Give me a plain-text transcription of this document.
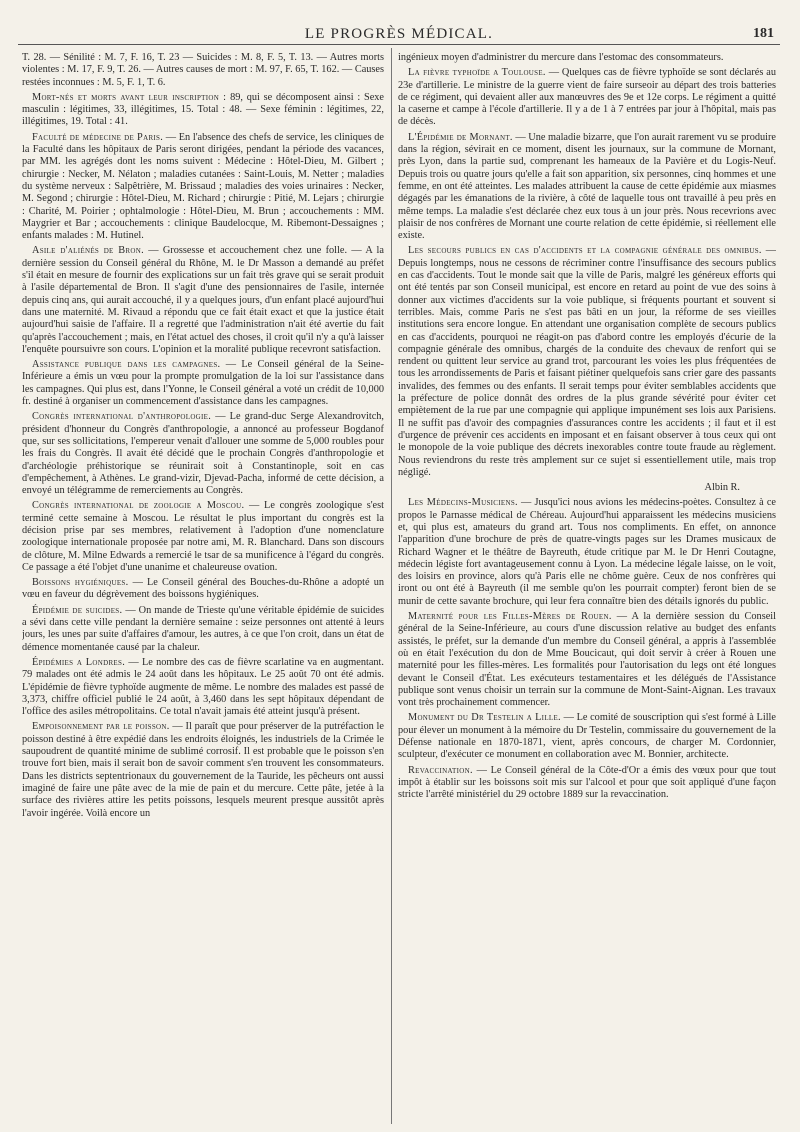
LE PROGRÈS MÉDICAL.	181

T. 28. — Sénilité : M. 7, F. 16, T. 23 — Suicides : M. 8, F. 5, T. 13. — Autres morts violentes : M. 17, F. 9, T. 26. — Autres causes de mort : M. 97, F. 65, T. 162. — Causes restées inconnues : M. 5, F. 1, T. 6.

Mort-nés et morts avant leur inscription : 89, qui se décomposent ainsi : Sexe masculin : légitimes, 33, illégitimes, 15. Total : 48. — Sexe féminin : légitimes, 22, illégitimes, 19. Total : 41.

Faculté de médecine de Paris. — En l'absence des chefs de service, les cliniques de la Faculté dans les hôpitaux de Paris seront dirigées, pendant la période des vacances, par MM. les agrégés dont les noms suivent : Médecine : Hôtel-Dieu, M. Gilbert ; chirurgie : Necker, M. Nélaton ; maladies cutanées : Saint-Louis, M. Netter ; maladies du système nerveux : Salpêtrière, M. Brissaud ; maladies des voies urinaires : Necker, M. Segond ; chirurgie : Hôtel-Dieu, M. Richard ; chirurgie : Pitié, M. Lejars ; chirurgie : Charité, M. Poirier ; ophtalmologie : Hôtel-Dieu, M. Brun ; accouchements : MM. Maygrier et Bar ; accouchements : clinique Baudelocque, M. Ribemont-Dessaignes ; enfants malades : M. Hutinel.

Asile d'aliénés de Bron. — Grossesse et accouchement chez une folle. — A la dernière session du Conseil général du Rhône, M. le Dr Masson a demandé au préfet s'il était en mesure de fournir des explications sur un fait très grave qui se serait produit à l'asile départemental de Bron. Il s'agit d'une des pensionnaires de l'asile, internée depuis cinq ans, qui aurait accouché, il y a quelques jours, d'un enfant placé aujourd'hui dans une maternité. M. Rivaud a répondu que ce fait était exact et que la justice était aujourd'hui saisie de l'affaire. Il a regretté que l'administration n'ait été avertie du fait qu'après l'accouchement ; mais, en l'état actuel des choses, il croit qu'il n'y a qu'à laisser l'enquête poursuivre son cours. L'opinion et la moralité publique recevront satisfaction.

Assistance publique dans les campagnes. — Le Conseil général de la Seine-Inférieure a émis un vœu pour la prompte promulgation de la loi sur l'assistance dans les campagnes. Qui plus est, dans l'Yonne, le Conseil général a voté un crédit de 10,000 fr. destiné à organiser un commencement d'assistance dans les campagnes.

Congrès international d'anthropologie. — Le grand-duc Serge Alexandrovitch, président d'honneur du Congrès d'anthropologie, a annoncé au professeur Bogdanof que, sur ses sollicitations, l'empereur venait d'allouer une somme de 5,000 roubles pour les frais du Congrès. Il avait été décidé que le prochain Congrès d'anthropologie et d'archéologie préhistorique se réunirait soit à Constantinople, soit en cas d'empêchement, à Athènes. Le grand-vizir, Djevad-Pacha, informé de cette décision, a envoyé un télégramme de remerciements au Congrès.

Congrès international de zoologie a Moscou. — Le congrès zoologique s'est terminé cette semaine à Moscou. Le résultat le plus important du congrès est la décision prise par ses membres, relativement à l'adoption d'une nomenclature zoologique internationale proposée par notre ami, M. R. Blanchard. Dans son discours de clôture, M. Milne Edwards a remercié le tsar de sa munificence à l'égard du congrès. Ce passage a été l'objet d'une unanime et chaleureuse ovation.

Boissons hygiéniques. — Le Conseil général des Bouches-du-Rhône a adopté un vœu en faveur du dégrèvement des boissons hygiéniques.

Épidémie de suicides. — On mande de Trieste qu'une véritable épidémie de suicides a sévi dans cette ville pendant la dernière semaine : seize personnes ont attenté à leurs jours, les unes par suite d'affaires d'amour, les autres, à ce que l'on croit, dans un état de démence momentanée causé par la chaleur.

Épidémies a Londres. — Le nombre des cas de fièvre scarlatine va en augmentant. 79 malades ont été admis le 24 août dans les hôpitaux. Le 25 août 70 ont été admis. L'épidémie de fièvre typhoïde augmente de même. Le nombre des malades est passé de 3,373, chiffre officiel publié le 24 août, à 3,460 dans les sept hôpitaux dépendant de l'office des asiles métropolitains. Ce total n'avait jamais été atteint jusqu'à présent.

Empoisonnement par le poisson. — Il paraît que pour préserver de la putréfaction le poisson destiné à être expédié dans les endroits éloignés, les industriels de la Crimée le saupoudrent de quantité minime de sublimé corrosif. Il est probable que le poisson s'en trouve fort bien, mais il serait bon de savoir comment s'en trouvent les consommateurs. Dans les districts septentrionaux du gouvernement de la Tauride, les pêcheurs ont aussi imaginé de faire une pâte avec de la mie de pain et du mercure. Cette pâte, jetée à la surface des rivières attire les petits poissons, lesquels meurent presque aussitôt après l'avoir ingérée. Voilà encore un

ingénieux moyen d'administrer du mercure dans l'estomac des consommateurs.

La fièvre typhoïde a Toulouse. — Quelques cas de fièvre typhoïde se sont déclarés au 23e d'artillerie. Le ministre de la guerre vient de faire surseoir au départ des trois batteries de ce régiment, qui devaient aller aux manœuvres des 9e et 12e corps. Le régiment a quitté la caserne et campe à l'école d'artillerie. Il y a de 1 à 7 entrées par jour à l'hôpital, mais pas de décès.

L'Épidémie de Mornant. — Une maladie bizarre, que l'on aurait rarement vu se produire dans la région, sévirait en ce moment, disent les journaux, sur la commune de Mornant, près Lyon, dans la partie sud, comprenant les hameaux de la Pavière et du Logis-Neuf. Depuis trois ou quatre jours qu'elle a fait son apparition, six personnes, cinq hommes et une femme, en ont été atteintes. Les malades attribuent la cause de cette épidémie aux miasmes dégagés par les émanations de la rivière, à côté de laquelle tous ont travaillé à peu près en même temps. La maladie s'est déclarée chez eux tous à un jour près. Nous recevrions avec plaisir de nos confrères de Mornant une courte relation de cette épidémie, si réellement elle existe.

Les secours publics en cas d'accidents et la compagnie générale des omnibus. — Depuis longtemps, nous ne cessons de récriminer contre l'insuffisance des secours publics en cas d'accidents. Tout le monde sait que la ville de Paris, malgré les généreux efforts qui ont été tentés par son Conseil municipal, est encore en retard au point de vue des soins à donner aux victimes d'accidents sur la voie publique, si fréquents pourtant et souvent si terribles. Mais, comme Paris ne s'est pas bâti en un jour, la réforme de ses vieilles institutions sera encore longue. En attendant une organisation complète de secours publics en cas d'accidents, pourquoi ne réagit-on pas d'abord contre les employés d'écurie de la compagnie générale des omnibus, chargés de la conduite des chevaux de renfort qui se rendent ou quittent leur service au grand trot, parcourant les voies les plus fréquentées de tous les arrondissements de Paris et faisant piétiner quelquefois sans crier gare des passants invalides, des femmes ou des enfants. Il serait temps pour éviter semblables accidents que la préfecture de police donnât des ordres de la plus grande sévérité pour éviter cet empiètement de la rue par une compagnie qui applique impunément ses lois aux Parisiens. Il ne suffit pas d'avoir des compagnies d'assurances contre les accidents ; il faut et il est d'urgence de prévenir ces accidents en imposant et en faisant observer à tous ceux qui ont le monopole de la voie publique des décrets inexorables contre toute fraude au règlement. Nous reviendrons du reste très amplement sur ce sujet si essentiellement utile, mais trop négligé.

Albin R.

Les Médecins-Musiciens. — Jusqu'ici nous avions les médecins-poètes. Consultez à ce propos le Parnasse médical de Chéreau. Aujourd'hui apparaissent les médecins musiciens et, qui plus est, amateurs du grand art. Tous nos compliments. En effet, on annonce l'apparition d'une brochure de près de quatre-vingts pages sur les Drames musicaux de Richard Wagner et le théâtre de Bayreuth, étude critique par M. le Dr Henri Coutagne, médecin légiste fort avantageusement connu à Lyon. La médecine légale laisse, on le voit, des loisirs en province, alors qu'à Paris elle ne chôme guère. Ceux de nos confrères qui iront ou ont été à Bayreuth (il me semble qu'on les pourrait compter) feront bien de se munir de cette savante brochure, qui leur fera connaître bien des détails ignorés du public.

Maternité pour les Filles-Mères de Rouen. — A la dernière session du Conseil général de la Seine-Inférieure, au cours d'une discussion relative au budget des enfants assistés, le préfet, sur la demande d'un membre du Conseil général, a appris à l'assemblée où en était l'exécution du don de Mme Boucicaut, qui doit servir à créer à Rouen une maternité pour les filles-mères. Les formalités pour l'autorisation du legs ont été longues devant le Conseil d'État. Les exécuteurs testamentaires et les délégués de l'Assistance publique sont venus choisir un terrain sur la commune de Mont-Saint-Aignan. Les travaux vont très prochainement commencer.

Monument du Dr Testelin a Lille. — Le comité de souscription qui s'est formé à Lille pour élever un monument à la mémoire du Dr Testelin, commissaire du gouvernement de la Défense nationale en 1870-1871, vient, après concours, de charger M. Cordonnier, sculpteur, d'exécuter ce monument en collaboration avec M. Bonnier, architecte.

Revaccination. — Le Conseil général de la Côte-d'Or a émis des vœux pour que tout impôt à établir sur les boissons soit mis sur l'alcool et pour que soit appliqué d'une façon stricte l'arrêté ministériel du 29 octobre 1889 sur la revaccination.
